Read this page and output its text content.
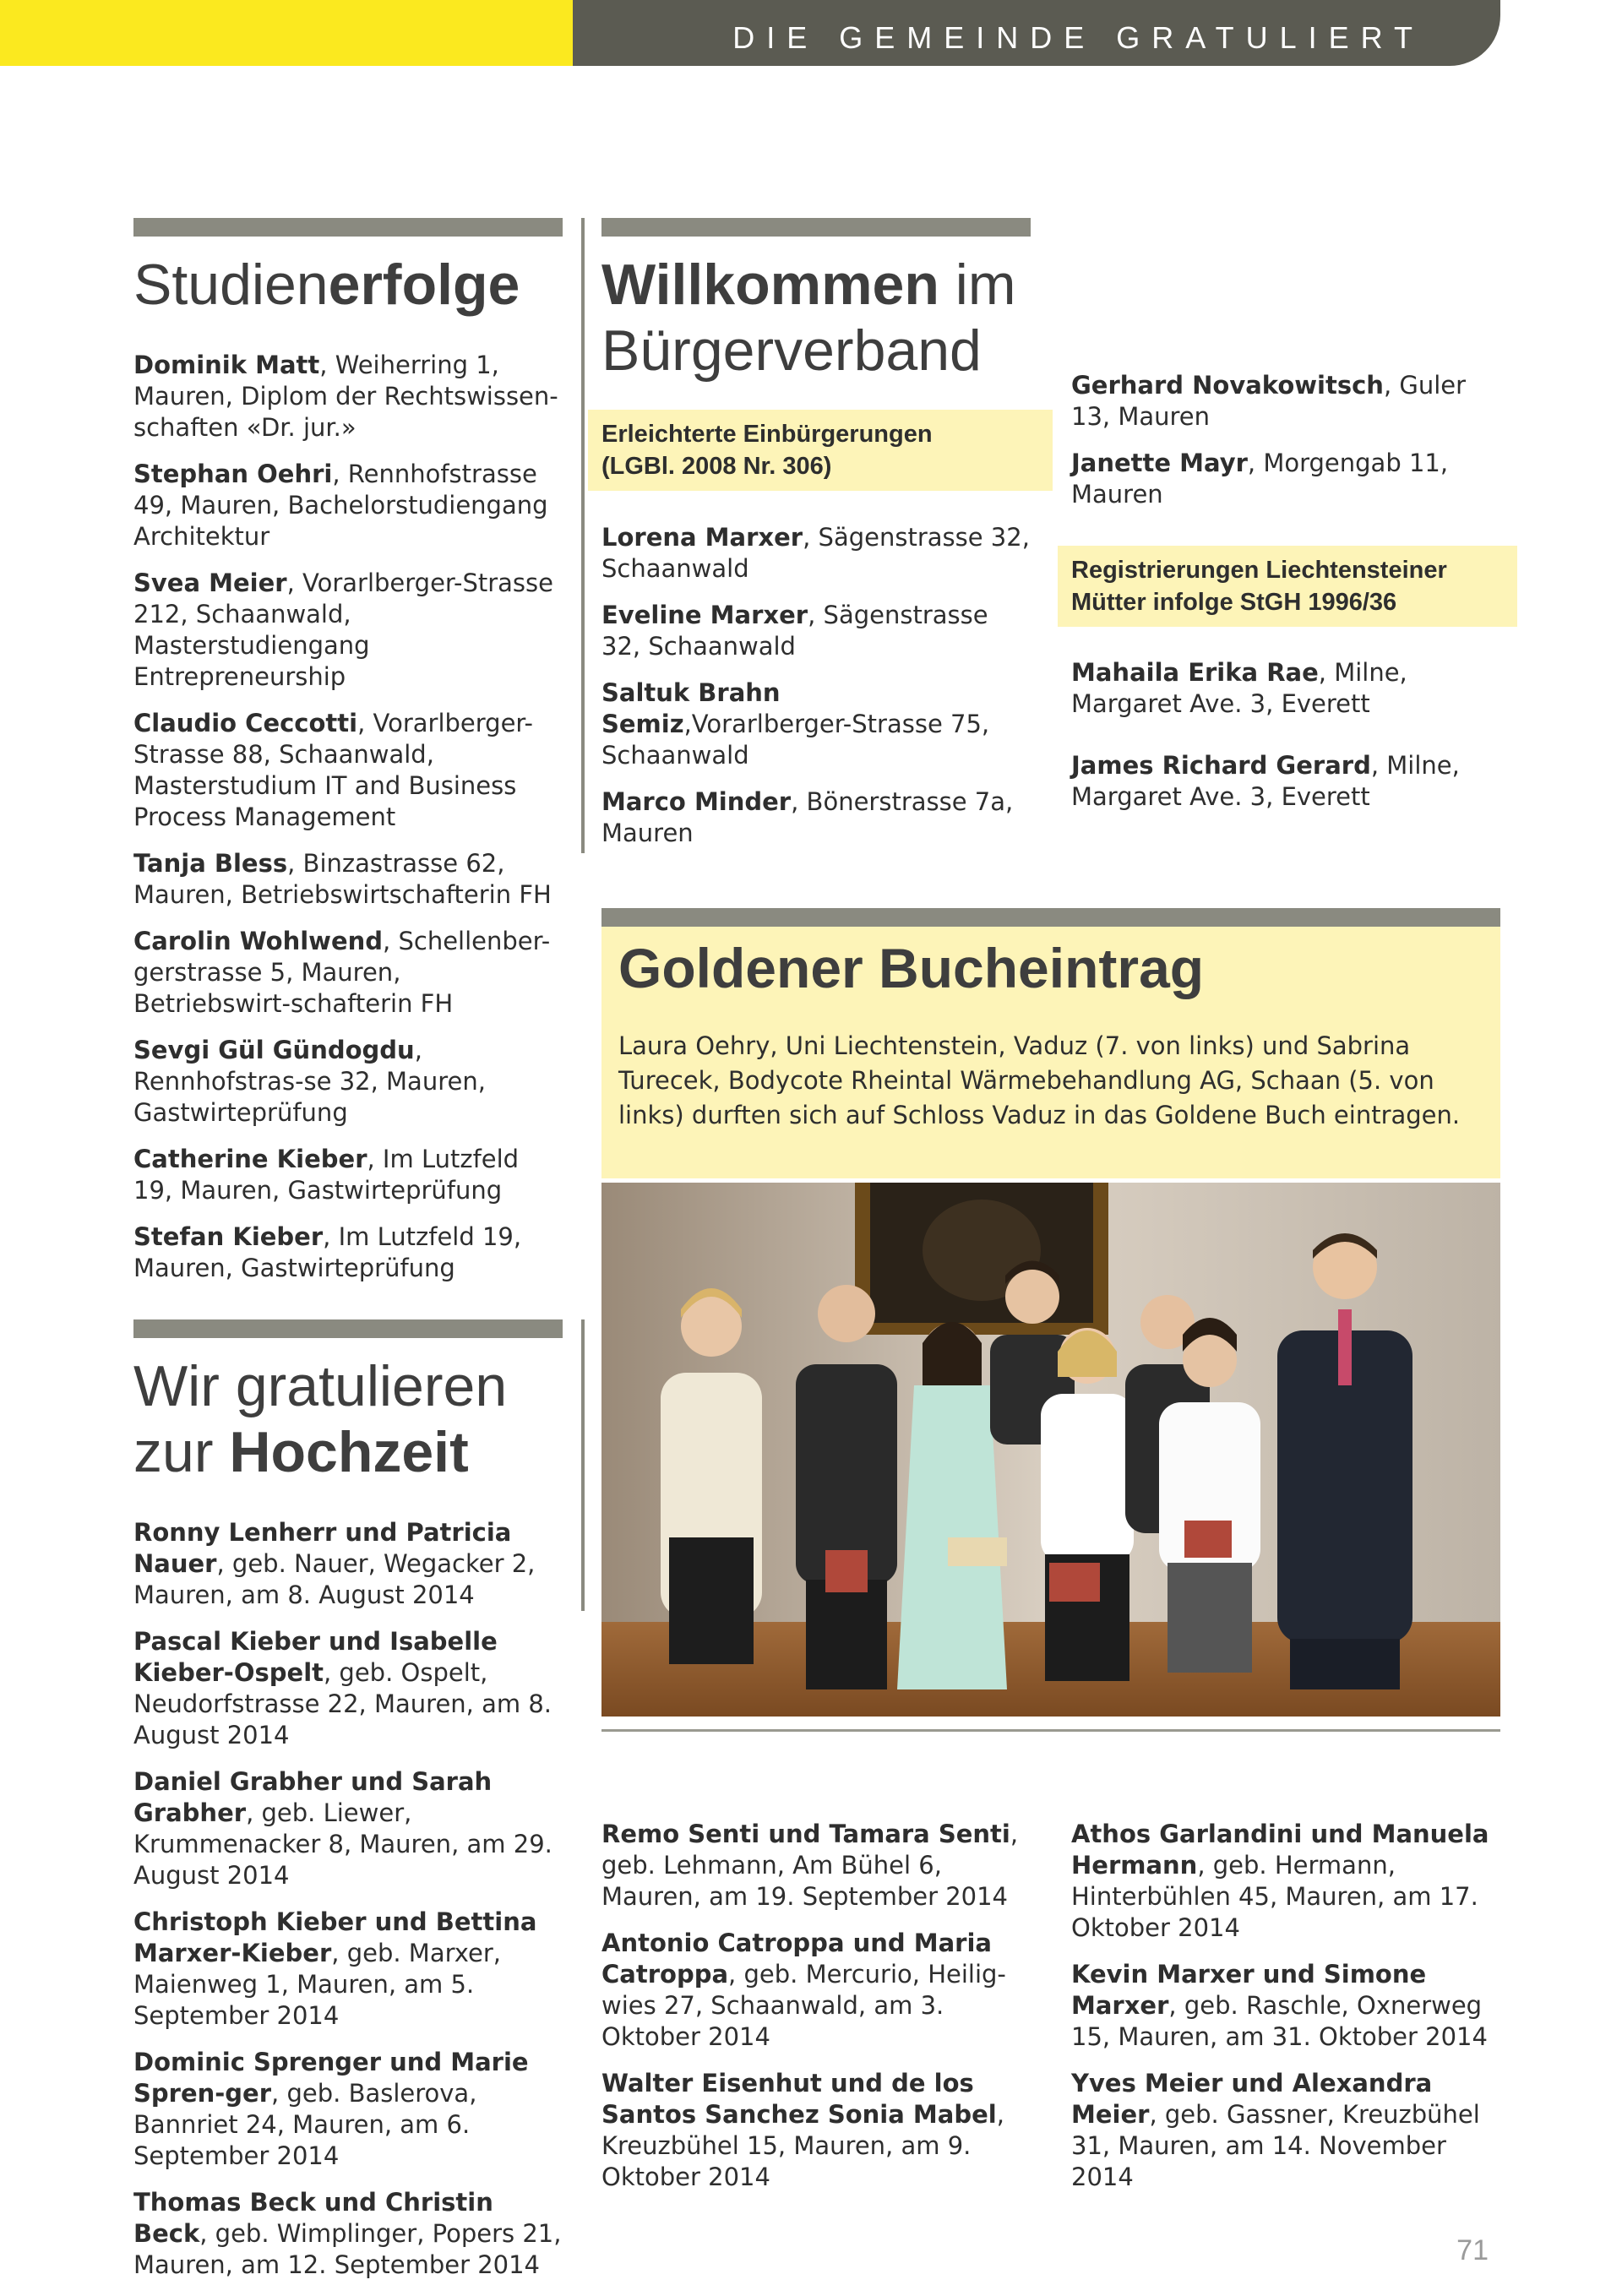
DIE GEMEINDE GRATULIERT
Studienerfolge

Dominik Matt, Weiherring 1, Mauren, Diplom der Rechtswissen-schaften «Dr. jur.»

Stephan Oehri, Rennhofstrasse 49, Mauren, Bachelorstudiengang Architektur

Svea Meier, Vorarlberger-Strasse 212, Schaanwald, Masterstudiengang Entrepreneurship

Claudio Ceccotti, Vorarlberger-Strasse 88, Schaanwald, Masterstudium IT and Business Process Management

Tanja Bless, Binzastrasse 62, Mauren, Betriebswirtschafterin FH

Carolin Wohlwend, Schellenber-gerstrasse 5, Mauren, Betriebswirt-schafterin FH

Sevgi Gül Gündogdu, Rennhofstras-se 32, Mauren, Gastwirteprüfung

Catherine Kieber, Im Lutzfeld 19, Mauren, Gastwirteprüfung

Stefan Kieber, Im Lutzfeld 19, Mauren, Gastwirteprüfung

Willkommen im
Bürgerverband
Erleichterte Einbürgerungen
(LGBl. 2008 Nr. 306)

Lorena Marxer, Sägenstrasse 32, Schaanwald

Eveline Marxer, Sägenstrasse 32, Schaanwald

Saltuk Brahn Semiz,Vorarlberger-Strasse 75, Schaanwald

Marco Minder, Bönerstrasse 7a, Mauren

Gerhard Novakowitsch, Guler 13, Mauren

Janette Mayr, Morgengab 11, Mauren

Registrierungen Liechtensteiner
Mütter infolge StGH 1996/36

Mahaila Erika Rae, Milne, Margaret Ave. 3, Everett

James Richard Gerard, Milne, Margaret Ave. 3, Everett

Goldener Bucheintrag

Laura Oehry, Uni Liechtenstein, Vaduz (7. von links) und Sabrina Turecek, Bodycote Rheintal Wärmebehandlung AG, Schaan (5. von links) durften sich auf Schloss Vaduz in das Goldene Buch eintragen.

Wir gratulieren
zur Hochzeit

Ronny Lenherr und Patricia Nauer, geb. Nauer, Wegacker 2, Mauren, am 8. August 2014

Pascal Kieber und Isabelle Kieber-Ospelt, geb. Ospelt, Neudorfstrasse 22, Mauren, am 8. August 2014

Daniel Grabher und Sarah Grabher, geb. Liewer, Krummenacker 8, Mauren, am 29. August 2014

Christoph Kieber und Bettina Marxer-Kieber, geb. Marxer, Maienweg 1, Mauren, am 5. September 2014

Dominic Sprenger und Marie Spren-ger, geb. Baslerova, Bannriet 24, Mauren, am 6. September 2014

Thomas Beck und Christin Beck, geb. Wimplinger, Popers 21, Mauren, am 12. September 2014

Remo Senti und Tamara Senti, geb. Lehmann, Am Bühel 6, Mauren, am 19. September 2014

Antonio Catroppa und Maria Catroppa, geb. Mercurio, Heilig-wies 27, Schaanwald, am 3. Oktober 2014

Walter Eisenhut und de los Santos Sanchez Sonia Mabel, Kreuzbühel 15, Mauren, am 9. Oktober 2014

Athos Garlandini und Manuela Hermann, geb. Hermann, Hinterbühlen 45, Mauren, am 17. Oktober 2014

Kevin Marxer und Simone Marxer, geb. Raschle, Oxnerweg 15, Mauren, am 31. Oktober 2014

Yves Meier und Alexandra Meier, geb. Gassner, Kreuzbühel 31, Mauren, am 14. November 2014

71
